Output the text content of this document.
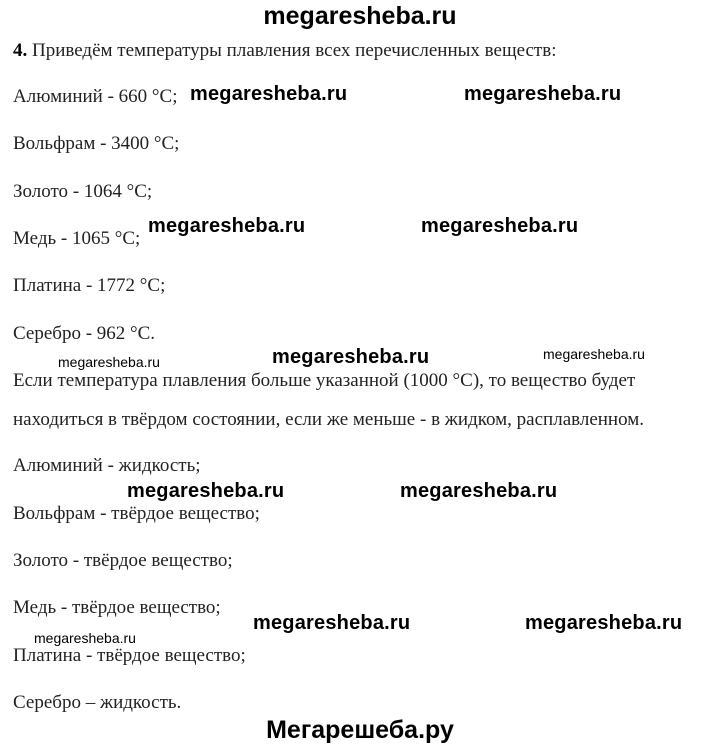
megaresheba.ru
4. Приведём температуры плавления всех перечисленных веществ:
Алюминий - 660 °С;
Вольфрам - 3400 °С;
Золото - 1064 °С;
Медь - 1065 °С;
Платина - 1772 °С;
Серебро - 962 °С.
Если температура плавления больше указанной (1000 °С), то вещество будет
находиться в твёрдом состоянии, если же меньше - в жидком, расплавленном.
Алюминий - жидкость;
Вольфрам - твёрдое вещество;
Золото - твёрдое вещество;
Медь - твёрдое вещество;
Платина - твёрдое вещество;
Серебро – жидкость.
megaresheba.ru	megaresheba.ru
megaresheba.ru	megaresheba.ru
megaresheba.ru	megaresheba.ru	megaresheba.ru
megaresheba.ru	megaresheba.ru
megaresheba.ru	megaresheba.ru
megaresheba.ru
Мегарешеба.ру
